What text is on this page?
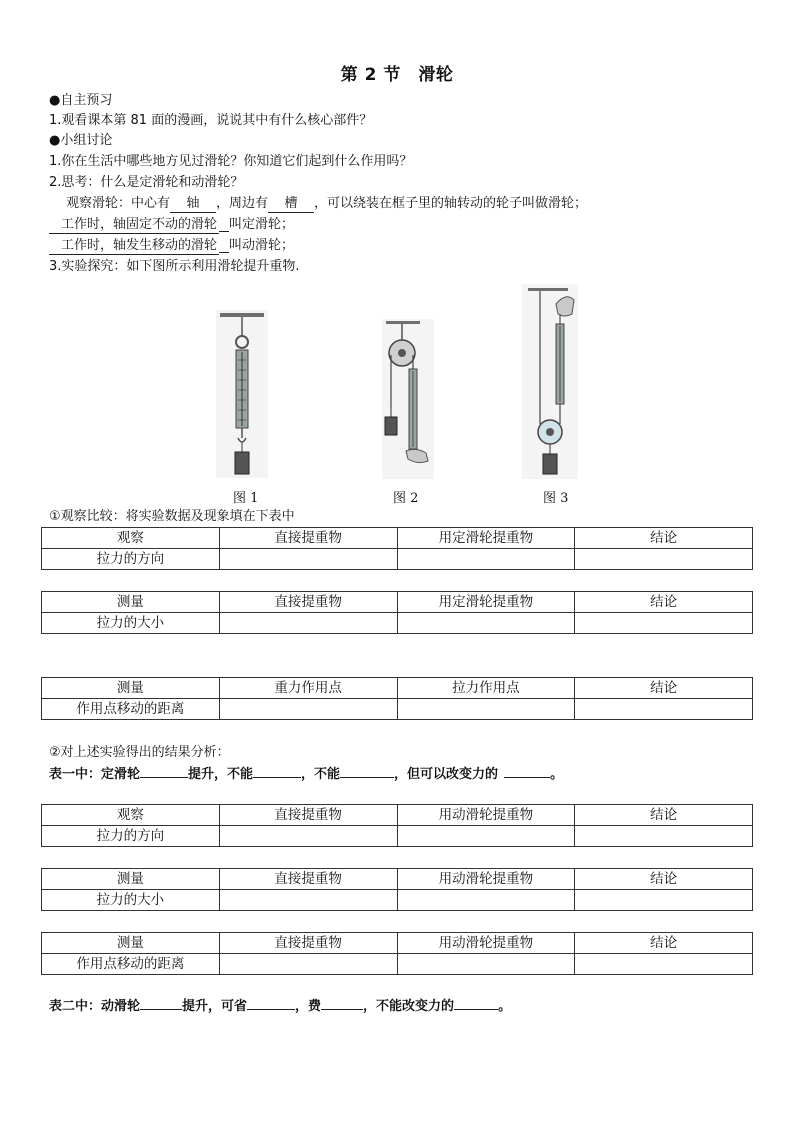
第 2 节　滑轮
●自主预习
1.观看课本第 81 面的漫画，说说其中有什么核心部件？
●小组讨论
1.你在生活中哪些地方见过滑轮？你知道它们起到什么作用吗？
2.思考：什么是定滑轮和动滑轮？
观察滑轮：中心有 轴 ，周边有 槽 ，可以绕装在框子里的轴转动的轮子叫做滑轮；
工作时，轴固定不动的滑轮 叫定滑轮；
工作时，轴发生移动的滑轮 叫动滑轮；
3.实验探究：如下图所示利用滑轮提升重物.
图 1	图 2	图 3
①观察比较：将实验数据及现象填在下表中
观察	直接提重物	用定滑轮提重物	结论
拉力的方向			
测量	直接提重物	用定滑轮提重物	结论
拉力的大小			
测量	重力作用点	拉力作用点	结论
作用点移动的距离			
②对上述实验得出的结果分析：
表一中：定滑轮	提升，不能	，不能	，但可以改变力的	。
观察	直接提重物	用动滑轮提重物	结论
拉力的方向			
测量	直接提重物	用动滑轮提重物	结论
拉力的大小			
测量	直接提重物	用动滑轮提重物	结论
作用点移动的距离			
表二中：动滑轮	提升，可省	，费	，不能改变力的	。
